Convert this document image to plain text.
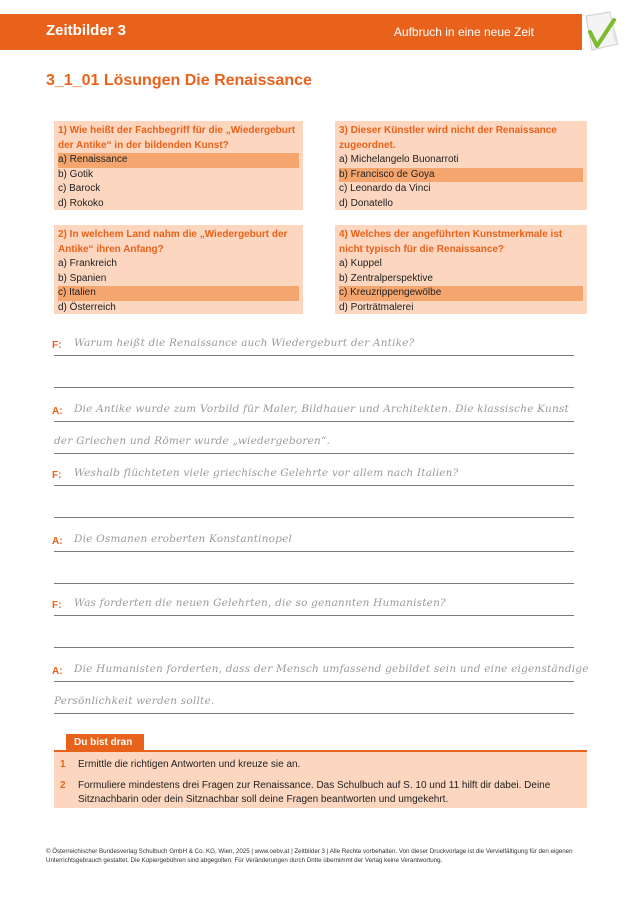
Zeitbilder 3	Aufbruch in eine neue Zeit
3_1_01 Lösungen Die Renaissance
1) Wie heißt der Fachbegriff für die „Wiedergeburt der Antike“ in der bildenden Kunst?
a) Renaissance
b) Gotik
c) Barock
d) Rokoko
2) In welchem Land nahm die „Wiedergeburt der Antike“ ihren Anfang?
a) Frankreich
b) Spanien
c) Italien
d) Österreich
3) Dieser Künstler wird nicht der Renaissance zugeordnet.
a) Michelangelo Buonarroti
b) Francisco de Goya
c) Leonardo da Vinci
d) Donatello
4) Welches der angeführten Kunstmerkmale ist nicht typisch für die Renaissance?
a) Kuppel
b) Zentralperspektive
c) Kreuzrippengewölbe
d) Porträtmalerei
F: Warum heißt die Renaissance auch Wiedergeburt der Antike?
A: Die Antike wurde zum Vorbild für Maler, Bildhauer und Architekten. Die klassische Kunst
der Griechen und Römer wurde „wiedergeboren“.
F: Weshalb flüchteten viele griechische Gelehrte vor allem nach Italien?
A: Die Osmanen eroberten Konstantinopel
F: Was forderten die neuen Gelehrten, die so genannten Humanisten?
A: Die Humanisten forderten, dass der Mensch umfassend gebildet sein und eine eigenständige
Persönlichkeit werden sollte.
Du bist dran
1 Ermittle die richtigen Antworten und kreuze sie an.
2 Formuliere mindestens drei Fragen zur Renaissance. Das Schulbuch auf S. 10 und 11 hilft dir dabei. Deine Sitznachbarin oder dein Sitznachbar soll deine Fragen beantworten und umgekehrt.
© Österreichischer Bundesverlag Schulbuch GmbH & Co. KG, Wien, 2025 | www.oebv.at | Zeitbilder 3 | Alle Rechte vorbehalten. Von dieser Druckvorlage ist die Vervielfältigung für den eigenen Unterrichtsgebrauch gestattet. Die Kopiergebühren sind abgegolten. Für Veränderungen durch Dritte übernimmt der Verlag keine Verantwortung.
